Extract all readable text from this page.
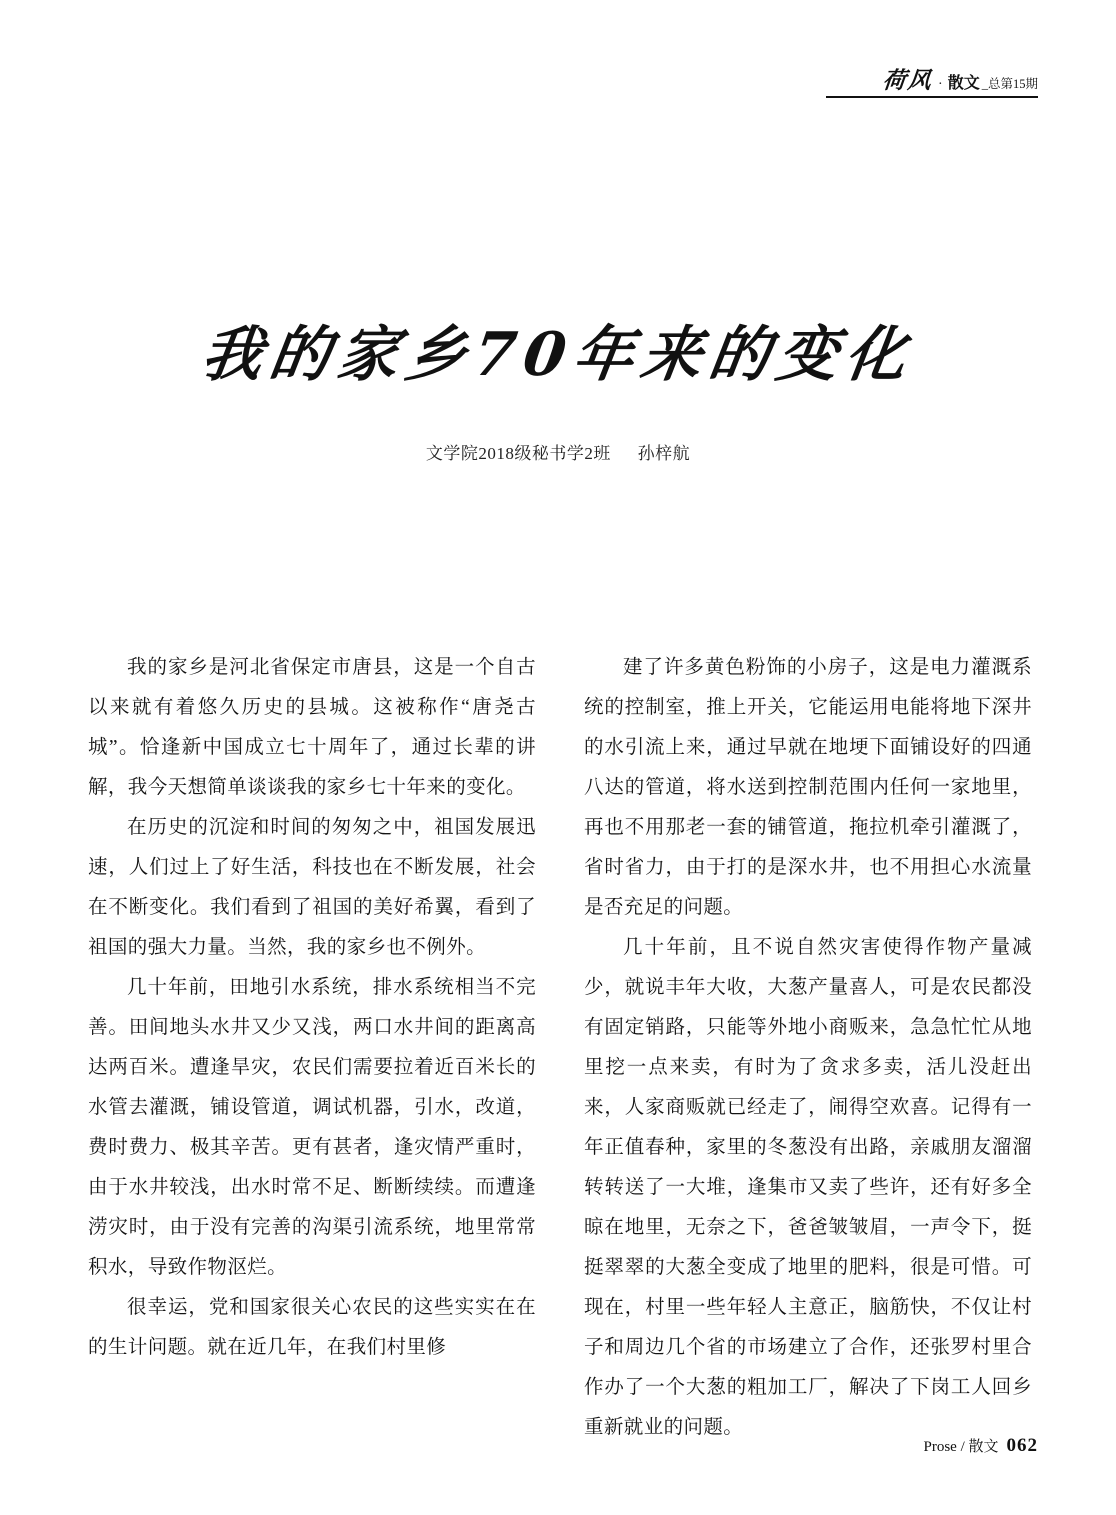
荷风 · 散文 _总第15期
我的家乡70年来的变化
文学院2018级秘书学2班 孙梓航

我的家乡是河北省保定市唐县，这是一个自古以来就有着悠久历史的县城。这被称作“唐尧古城”。恰逢新中国成立七十周年了，通过长辈的讲解，我今天想简单谈谈我的家乡七十年来的变化。

在历史的沉淀和时间的匆匆之中，祖国发展迅速，人们过上了好生活，科技也在不断发展，社会在不断变化。我们看到了祖国的美好希翼，看到了祖国的强大力量。当然，我的家乡也不例外。

几十年前，田地引水系统，排水系统相当不完善。田间地头水井又少又浅，两口水井间的距离高达两百米。遭逢旱灾，农民们需要拉着近百米长的水管去灌溉，铺设管道，调试机器，引水，改道，费时费力、极其辛苦。更有甚者，逢灾情严重时，由于水井较浅，出水时常不足、断断续续。而遭逢涝灾时，由于没有完善的沟渠引流系统，地里常常积水，导致作物沤烂。

很幸运，党和国家很关心农民的这些实实在在的生计问题。就在近几年，在我们村里修

建了许多黄色粉饰的小房子，这是电力灌溉系统的控制室，推上开关，它能运用电能将地下深井的水引流上来，通过早就在地埂下面铺设好的四通八达的管道，将水送到控制范围内任何一家地里，再也不用那老一套的铺管道，拖拉机牵引灌溉了，省时省力，由于打的是深水井，也不用担心水流量是否充足的问题。

几十年前，且不说自然灾害使得作物产量减少，就说丰年大收，大葱产量喜人，可是农民都没有固定销路，只能等外地小商贩来，急急忙忙从地里挖一点来卖，有时为了贪求多卖，活儿没赶出来，人家商贩就已经走了，闹得空欢喜。记得有一年正值春种，家里的冬葱没有出路，亲戚朋友溜溜转转送了一大堆，逢集市又卖了些许，还有好多全晾在地里，无奈之下，爸爸皱皱眉，一声令下，挺挺翠翠的大葱全变成了地里的肥料，很是可惜。可现在，村里一些年轻人主意正，脑筋快，不仅让村子和周边几个省的市场建立了合作，还张罗村里合作办了一个大葱的粗加工厂，解决了下岗工人回乡重新就业的问题。

Prose / 散文 062
